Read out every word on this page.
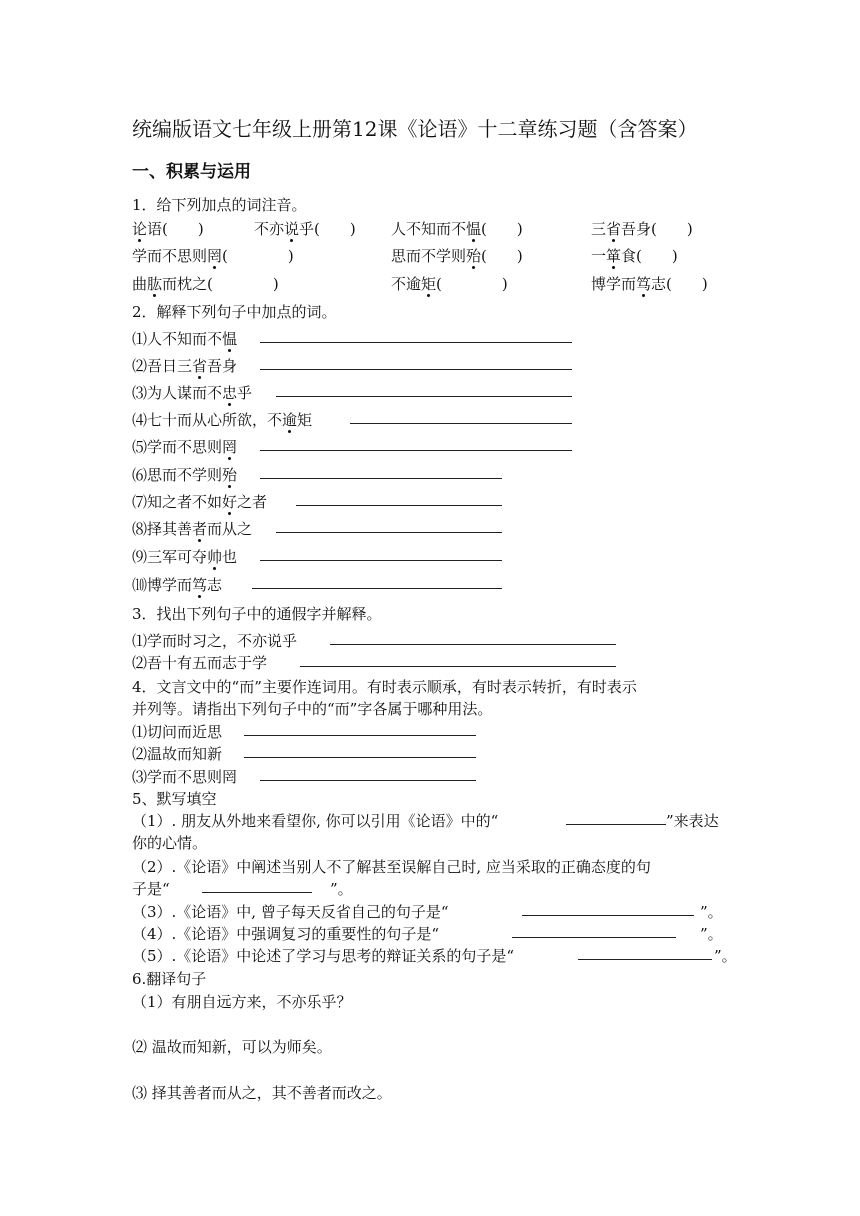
统编版语文七年级上册第12课《论语》十二章练习题（含答案）
一、积累与运用
1．给下列加点的词注音。
论语(　　)	不亦说乎(　　) 人不知而不愠(　　)	三省吾身(　　)
学而不思则罔(　　　　)	思而不学则殆(　　)	一箪食(　　)
曲肱而枕之(　　　　)	不逾矩(　　　　)	博学而笃志(　　)
2．解释下列句子中加点的词。
⑴人不知而不愠
⑵吾日三省吾身
⑶为人谋而不忠乎
⑷七十而从心所欲，不逾矩
⑸学而不思则罔
⑹思而不学则殆
⑺知之者不如好之者
⑻择其善者而从之
⑼三军可夺帅也
⑽博学而笃志
3．找出下列句子中的通假字并解释。
⑴学而时习之，不亦说乎
⑵吾十有五而志于学
4．文言文中的“而”主要作连词用。有时表示顺承，有时表示转折，有时表示
并列等。请指出下列句子中的“而”字各属于哪种用法。
⑴切问而近思
⑵温故而知新
⑶学而不思则罔
5、默写填空
（1）. 朋友从外地来看望你, 你可以引用《论语》中的“	”来表达
你的心情。
（2）.《论语》中阐述当别人不了解甚至误解自己时, 应当采取的正确态度的句
子是“	”。
（3）.《论语》中, 曾子每天反省自己的句子是“	”。
（4）.《论语》中强调复习的重要性的句子是“	”。
（5）.《论语》中论述了学习与思考的辩证关系的句子是“	”。
6.翻译句子
（1）有朋自远方来，不亦乐乎？
⑵ 温故而知新，可以为师矣。
⑶ 择其善者而从之，其不善者而改之。
